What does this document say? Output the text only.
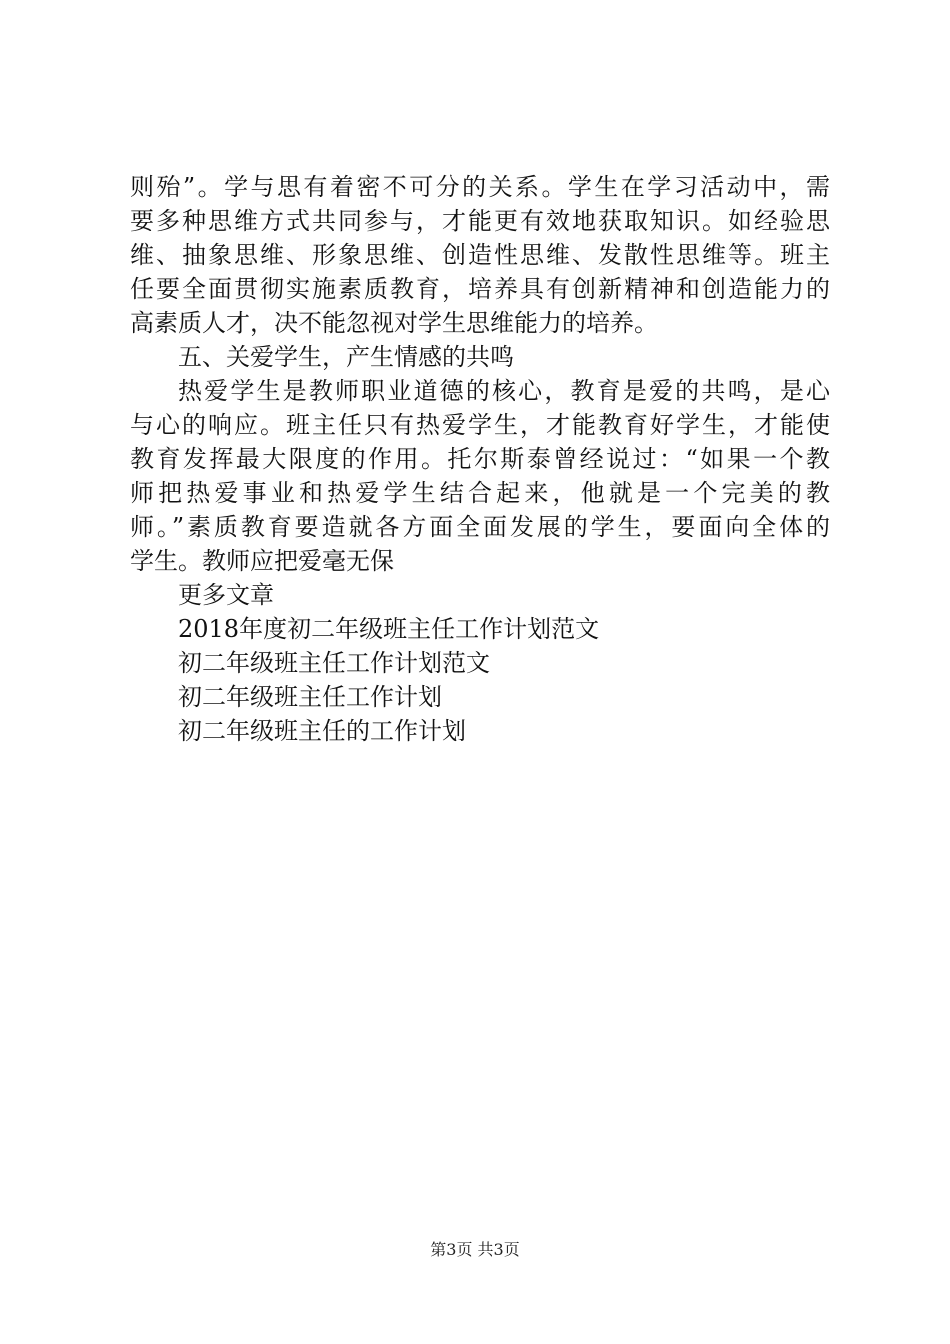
则殆”。学与思有着密不可分的关系。学生在学习活动中，需
要多种思维方式共同参与，才能更有效地获取知识。如经验思
维、抽象思维、形象思维、创造性思维、发散性思维等。班主
任要全面贯彻实施素质教育，培养具有创新精神和创造能力的
高素质人才，决不能忽视对学生思维能力的培养。
五、关爱学生，产生情感的共鸣
热爱学生是教师职业道德的核心，教育是爱的共鸣，是心
与心的响应。班主任只有热爱学生，才能教育好学生，才能使
教育发挥最大限度的作用。托尔斯泰曾经说过：“如果一个教
师把热爱事业和热爱学生结合起来，他就是一个完美的教
师。”素质教育要造就各方面全面发展的学生，要面向全体的
学生。教师应把爱毫无保
更多文章
2018年度初二年级班主任工作计划范文
初二年级班主任工作计划范文
初二年级班主任工作计划
初二年级班主任的工作计划
第3页 共3页
